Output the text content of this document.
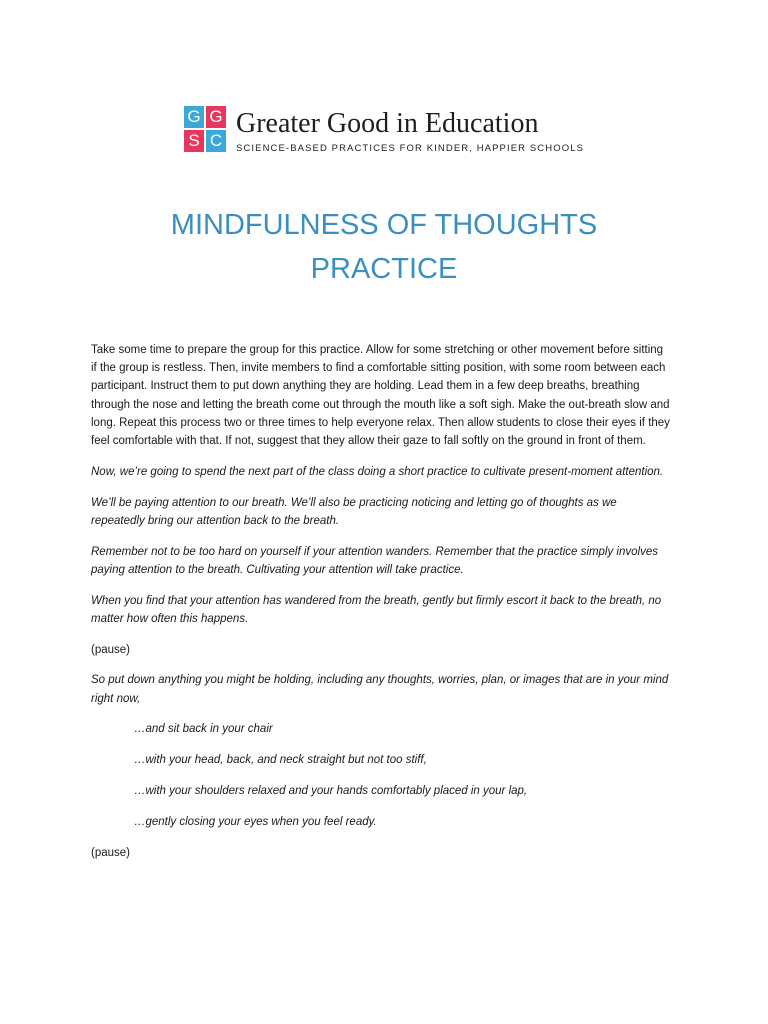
G G
S C
Greater Good in Education
SCIENCE-BASED PRACTICES FOR KINDER, HAPPIER SCHOOLS
MINDFULNESS OF THOUGHTS
PRACTICE

Take some time to prepare the group for this practice. Allow for some stretching or other movement before sitting if the group is restless. Then, invite members to find a comfortable sitting position, with some room between each participant. Instruct them to put down anything they are holding. Lead them in a few deep breaths, breathing through the nose and letting the breath come out through the mouth like a soft sigh. Make the out-breath slow and long. Repeat this process two or three times to help everyone relax. Then allow students to close their eyes if they feel comfortable with that. If not, suggest that they allow their gaze to fall softly on the ground in front of them.

Now, we’re going to spend the next part of the class doing a short practice to cultivate present-moment attention.

We’ll be paying attention to our breath. We’ll also be practicing noticing and letting go of thoughts as we repeatedly bring our attention back to the breath.

Remember not to be too hard on yourself if your attention wanders. Remember that the practice simply involves paying attention to the breath. Cultivating your attention will take practice.

When you find that your attention has wandered from the breath, gently but firmly escort it back to the breath, no matter how often this happens.

(pause)

So put down anything you might be holding, including any thoughts, worries, plan, or images that are in your mind right now,

…and sit back in your chair

…with your head, back, and neck straight but not too stiff,

…with your shoulders relaxed and your hands comfortably placed in your lap,

…gently closing your eyes when you feel ready.

(pause)
